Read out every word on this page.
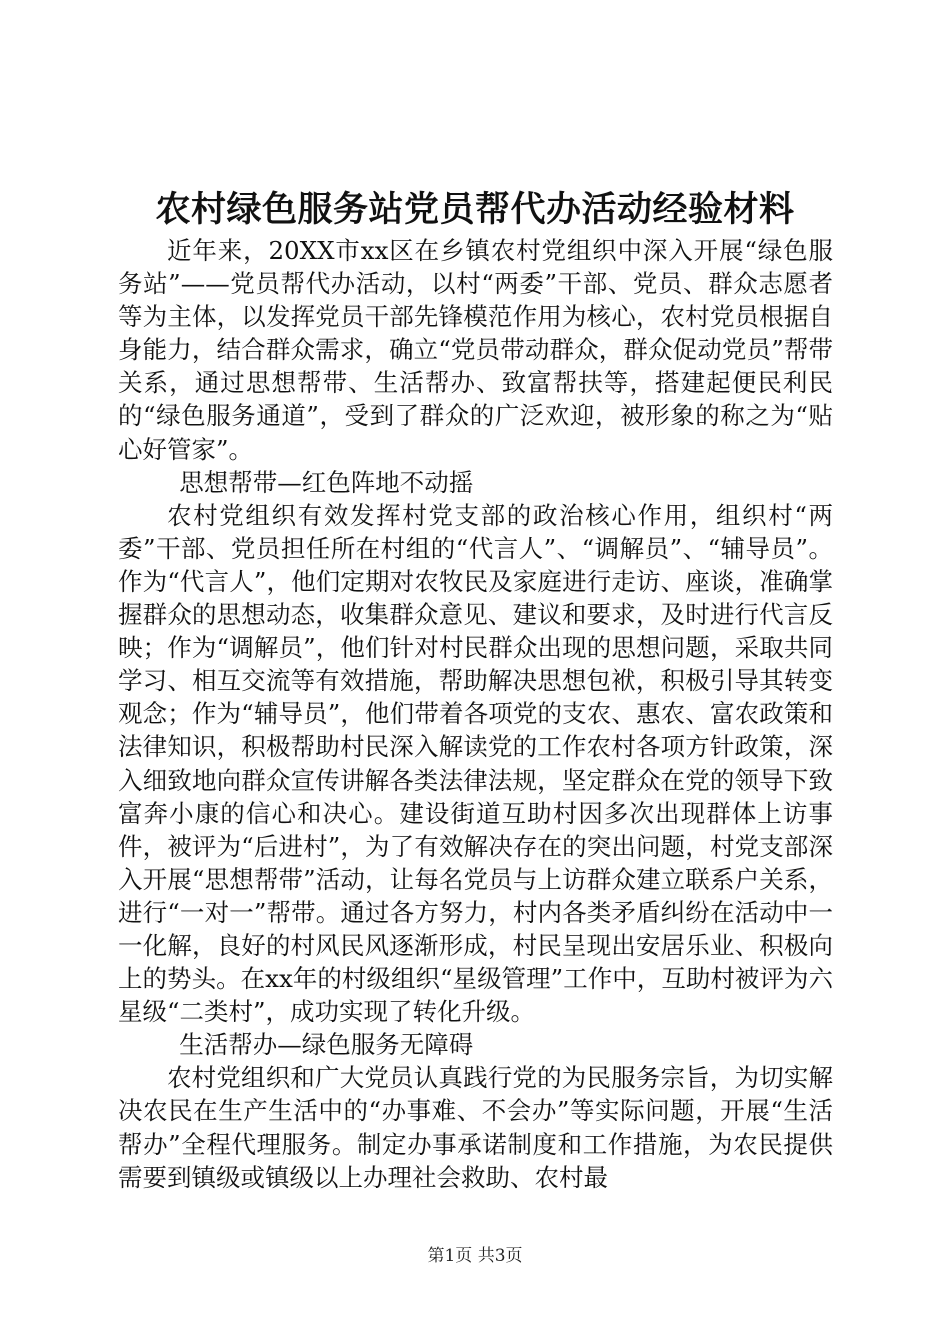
农村绿色服务站党员帮代办活动经验材料

近年来，20XX市xx区在乡镇农村党组织中深入开展“绿色服务站”——党员帮代办活动，以村“两委”干部、党员、群众志愿者等为主体，以发挥党员干部先锋模范作用为核心，农村党员根据自身能力，结合群众需求，确立“党员带动群众，群众促动党员”帮带关系，通过思想帮带、生活帮办、致富帮扶等，搭建起便民利民的“绿色服务通道”，受到了群众的广泛欢迎，被形象的称之为“贴心好管家”。

思想帮带—红色阵地不动摇

农村党组织有效发挥村党支部的政治核心作用，组织村“两委”干部、党员担任所在村组的“代言人”、“调解员”、“辅导员”。作为“代言人”，他们定期对农牧民及家庭进行走访、座谈，准确掌握群众的思想动态，收集群众意见、建议和要求，及时进行代言反映；作为“调解员”，他们针对村民群众出现的思想问题，采取共同学习、相互交流等有效措施，帮助解决思想包袱，积极引导其转变观念；作为“辅导员”，他们带着各项党的支农、惠农、富农政策和法律知识，积极帮助村民深入解读党的工作农村各项方针政策，深入细致地向群众宣传讲解各类法律法规，坚定群众在党的领导下致富奔小康的信心和决心。建设街道互助村因多次出现群体上访事件，被评为“后进村”，为了有效解决存在的突出问题，村党支部深入开展“思想帮带”活动，让每名党员与上访群众建立联系户关系，进行“一对一”帮带。通过各方努力，村内各类矛盾纠纷在活动中一一化解，良好的村风民风逐渐形成，村民呈现出安居乐业、积极向上的势头。在xx年的村级组织“星级管理”工作中，互助村被评为六星级“二类村”，成功实现了转化升级。

生活帮办—绿色服务无障碍

农村党组织和广大党员认真践行党的为民服务宗旨，为切实解决农民在生产生活中的“办事难、不会办”等实际问题，开展“生活帮办”全程代理服务。制定办事承诺制度和工作措施，为农民提供需要到镇级或镇级以上办理社会救助、农村最

第1页 共3页
